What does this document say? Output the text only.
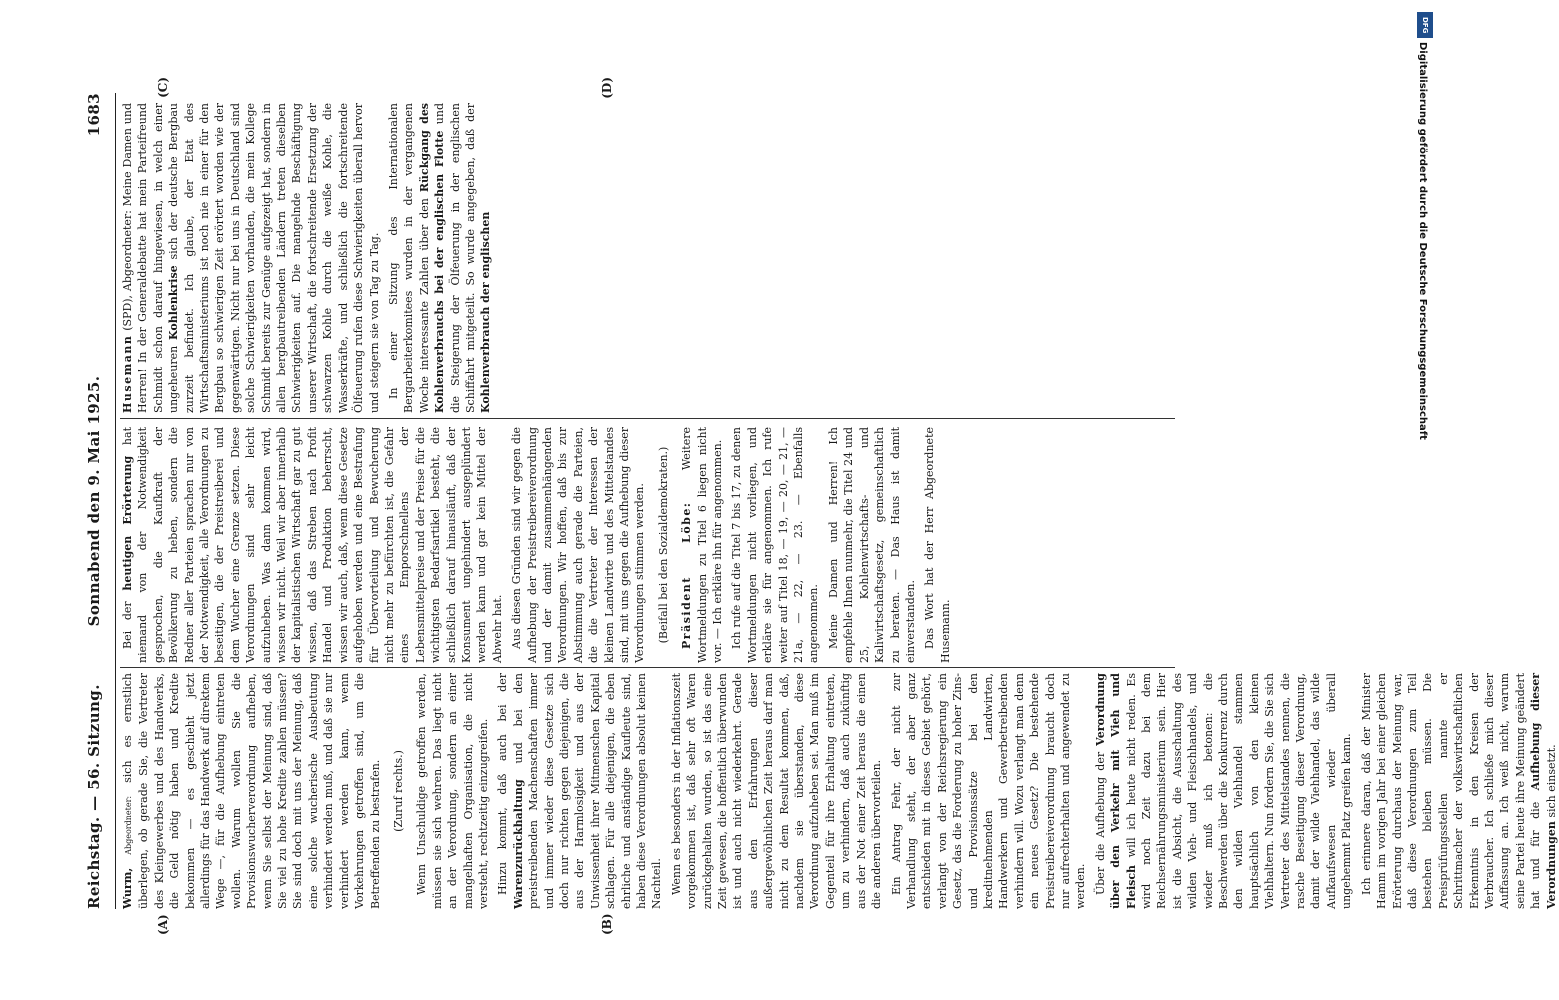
Reichstag. — 56. Sitzung.
Sonnabend den 9. Mai 1925.
1683
(A)	(B)
(C)	(D)

Wurm, Abgeordneter: sich es ernstlich überlegen, ob gerade Sie, die Vertreter des Kleingewerbes und des Handwerks, die Geld nötig haben und Kredite bekommen — es geschieht jetzt allerdings für das Handwerk auf direktem Wege —, für die Aufhebung eintreten wollen. Warum wollen Sie die Provisionswucherverordnung aufheben, wenn Sie selbst der Meinung sind, daß Sie viel zu hohe Kredite zahlen müssen? Sie sind doch mit uns der Meinung, daß eine solche wucherische Ausbeutung verhindert werden muß, und daß sie nur verhindert werden kann, wenn Vorkehrungen getroffen sind, um die Betreffenden zu bestrafen. (Zuruf rechts.) Wenn Unschuldige getroffen werden, müssen sie sich wehren. Das liegt nicht an der Verordnung, sondern an einer mangelhaften Organisation, die nicht versteht, rechtzeitig einzugreifen. Hinzu kommt, daß auch bei der Warenzurückhaltung und bei den preistreibenden Machenschaften immer und immer wieder diese Gesetze sich doch nur richten gegen diejenigen, die aus der Harmlosigkeit und aus der Unwissenheit ihrer Mitmenschen Kapital schlagen. Für alle diejenigen, die eben ehrliche und anständige Kaufleute sind, haben diese Verordnungen absolut keinen Nachteil. Wenn es besonders in der Inflationszeit vorgekommen ist, daß sehr oft Waren zurückgehalten wurden, so ist das eine Zeit gewesen, die hoffentlich überwunden ist und auch nicht wiederkehrt. Gerade aus den Erfahrungen dieser außergewöhnlichen Zeit heraus darf man nicht zu dem Resultat kommen, daß, nachdem sie überstanden, diese Verordnung aufzuheben sei. Man muß im Gegenteil für ihre Erhaltung eintreten, um zu verhindern, daß auch zukünftig aus der Not einer Zeit heraus die einen die anderen übervorteilen. Ein Antrag Fehr, der nicht zur Verhandlung steht, der aber ganz entschieden mit in dieses Gebiet gehört, verlangt von der Reichsregierung ein Gesetz, das die Forderung zu hoher Zins- und Provisionssätze bei den kreditnehmenden Landwirten, Handwerkern und Gewerbetreibenden verhindern will. Wozu verlangt man denn ein neues Gesetz? Die bestehende Preistreibereiverordnung braucht doch nur aufrechterhalten und angewendet zu werden. Über die Aufhebung der Verordnung über den Verkehr mit Vieh und Fleisch will ich heute nicht reden. Es wird noch Zeit dazu bei dem Reichsernährungsministerium sein. Hier ist die Absicht, die Ausschaltung des wilden Vieh- und Fleischhandels, und wieder muß ich betonen: die Beschwerden über die Konkurrenz durch den wilden Viehhandel stammen hauptsächlich von den kleinen Viehhaltern. Nun fordern Sie, die Sie sich Vertreter des Mittelstandes nennen, die rasche Beseitigung dieser Verordnung, damit der wilde Viehhandel, das wilde Aufkaufswesen wieder überall ungehemmt Platz greifen kann. Ich erinnere daran, daß der Minister Hamm im vorigen Jahr bei einer gleichen Erörterung durchaus der Meinung war, daß diese Verordnungen zum Teil bestehen bleiben müssen. Die Preisprüfungsstellen nannte er Schrittmacher der volkswirtschaftlichen Erkenntnis in den Kreisen der Verbraucher. Ich schließe mich dieser Auffassung an. Ich weiß nicht, warum seine Partei heute ihre Meinung geändert hat und für die Aufhebung dieser Verordnungen sich einsetzt.

Bei der heutigen Erörterung hat niemand von der Notwendigkeit gesprochen, die Kaufkraft der Bevölkerung zu heben, sondern die Redner aller Parteien sprachen nur von der Notwendigkeit, alle Verordnungen zu beseitigen, die der Preistreiberei und dem Wucher eine Grenze setzen. Diese Verordnungen sind sehr leicht aufzuheben. Was dann kommen wird, wissen wir nicht. Weil wir aber innerhalb der kapitalistischen Wirtschaft gar zu gut wissen, daß das Streben nach Profit Handel und Produktion beherrscht, wissen wir auch, daß, wenn diese Gesetze aufgehoben werden und eine Bestrafung für Übervorteilung und Bewucherung nicht mehr zu befürchten ist, die Gefahr eines Emporschnellens der Lebensmittelpreise und der Preise für die wichtigsten Bedarfsartikel besteht, die schließlich darauf hinausläuft, daß der Konsument ungehindert ausgeplündert werden kann und gar kein Mittel der Abwehr hat. Aus diesen Gründen sind wir gegen die Aufhebung der Preistreibereiverordnung und der damit zusammenhängenden Verordnungen. Wir hoffen, daß bis zur Abstimmung auch gerade die Parteien, die die Vertreter der Interessen der kleinen Landwirte und des Mittelstandes sind, mit uns gegen die Aufhebung dieser Verordnungen stimmen werden. (Beifall bei den Sozialdemokraten.) Präsident Löbe: Weitere Wortmeldungen zu Titel 6 liegen nicht vor. — Ich erkläre ihn für angenommen. Ich rufe auf die Titel 7 bis 17, zu denen Wortmeldungen nicht vorliegen, und erkläre sie für angenommen. Ich rufe weiter auf Titel 18, — 19, — 20, — 21, — 21a, — 22, — 23. — Ebenfalls angenommen. Meine Damen und Herren! Ich empfehle Ihnen nunmehr, die Titel 24 und 25, Kohlenwirtschafts- und Kaliwirtschaftsgesetz, gemeinschaftlich zu beraten. — Das Haus ist damit einverstanden. Das Wort hat der Herr Abgeordnete Husemann.

Husemann (SPD), Abgeordneter: Meine Damen und Herren! In der Generaldebatte hat mein Parteifreund Schmidt schon darauf hingewiesen, in welch einer ungeheuren Kohlenkrise sich der deutsche Bergbau zurzeit befindet. Ich glaube, der Etat des Wirtschaftsministeriums ist noch nie in einer für den Bergbau so schwierigen Zeit erörtert worden wie der gegenwärtigen. Nicht nur bei uns in Deutschland sind solche Schwierigkeiten vorhanden, die mein Kollege Schmidt bereits zur Genüge aufgezeigt hat, sondern in allen bergbautreibenden Ländern treten dieselben Schwierigkeiten auf. Die mangelnde Beschäftigung unserer Wirtschaft, die fortschreitende Ersetzung der schwarzen Kohle durch die weiße Kohle, die Wasserkräfte, und schließlich die fortschreitende Ölfeuerung rufen diese Schwierigkeiten überall hervor und steigern sie von Tag zu Tag. In einer Sitzung des Internationalen Bergarbeiterkomitees wurden in der vergangenen Woche interessante Zahlen über den Rückgang des Kohlenverbrauchs bei der englischen Flotte und die Steigerung der Ölfeuerung in der englischen Schiffahrt mitgeteilt. So wurde angegeben, daß der Kohlenverbrauch der englischen

DFG
Digitalisierung gefördert durch die Deutsche Forschungsgemeinschaft
